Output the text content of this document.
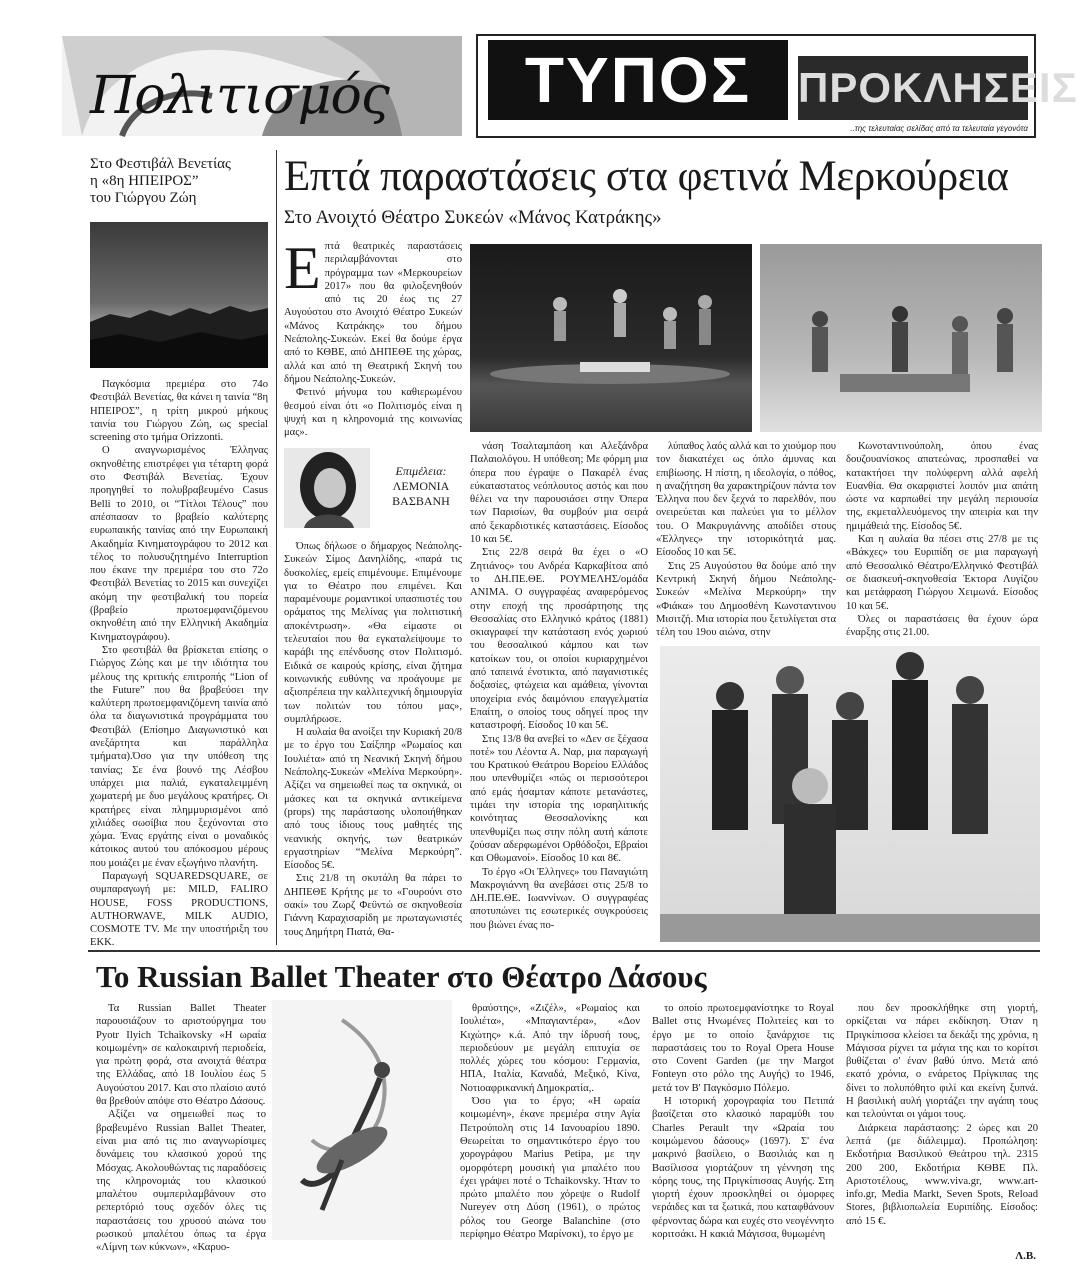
Πολιτισμός	ΤΥΠΟΣ	ΠΡΟΚΛΗΣΕΙΣ
..της τελευταίας σελίδας από τα τελευταία γεγονότα
Στο Φεστιβάλ Βενετίας
η «8η ΗΠΕΙΡΟΣ”
του Γιώργου Ζώη

Παγκόσμια πρεμιέρα στο 74ο Φεστιβάλ Βενετίας, θα κάνει η ταινία “8η ΗΠΕΙΡΟΣ”, η τρίτη μικρού μήκους ταινία του Γιώργου Ζώη, ως special screening στο τμήμα Orizzonti.

Ο αναγνωρισμένος Έλληνας σκηνοθέτης επιστρέφει για τέταρτη φορά στο Φεστιβάλ Βενετίας. Έχουν προηγηθεί το πολυβραβευμένο Casus Belli το 2010, οι “Τίτλοι Τέλους” που απέσπασαν το βραβείο καλύτερης ευρωπαικής ταινίας από την Ευρωπαική Ακαδημία Κινηματογράφου το 2012 και τέλος το πολυσυζητημένο Interruption που έκανε την πρεμιέρα του στο 72ο Φεστιβάλ Βενετίας το 2015 και συνεχίζει ακόμη την φεστιβαλική του πορεία (βραβείο πρωτοεμφανιζόμενου σκηνοθέτη από την Ελληνική Ακαδημία Κινηματογράφου).

Στο φεστιβάλ θα βρίσκεται επίσης ο Γιώργος Ζώης και με την ιδιότητα του μέλους της κριτικής επιτροπής “Lion of the Future” που θα βραβεύσει την καλύτερη πρωτοεμφανιζόμενη ταινία από όλα τα διαγωνιστικά προγράμματα του Φεστιβάλ (Επίσημο Διαγωνιστικό και ανεξάρτητα και παράλληλα τμήματα).Όσο για την υπόθεση της ταινίας; Σε ένα βουνό της Λέσβου υπάρχει μια παλιά, εγκαταλειμμένη χωματερή με δυο μεγάλους κρατήρες. Οι κρατήρες είναι πλημμυρισμένοι από χιλιάδες σωσίβια που ξεχύνονται στο χώμα. Ένας εργάτης είναι ο μοναδικός κάτοικος αυτού του απόκοσμου μέρους που μοιάζει με έναν εξωγήινο πλανήτη.

Παραγωγή SQUAREDSQUARE, σε συμπαραγωγή με: MILD, FALIRO HOUSE, FOSS PRODUCTIONS, AUTHORWAVE, MILK AUDIO, COSMOTE TV. Με την υποστήριξη του ΕΚΚ.

Επτά παραστάσεις στα φετινά Μερκούρεια
Στο Ανοιχτό Θέατρο Συκεών «Μάνος Κατράκης»
Ε πτά θεατρικές παραστάσεις περιλαμβάνονται στο πρόγραμμα των «Μερκουρείων 2017» που θα φιλοξενηθούν από τις 20 έως τις 27 Αυγούστου στο Ανοιχτό Θέατρο Συκεών «Μάνος Κατράκης» του δήμου Νεάπολης-Συκεών. Εκεί θα δούμε έργα από το ΚΘΒΕ, από ΔΗΠΕΘΕ της χώρας, αλλά και από τη Θεατρική Σκηνή του δήμου Νεάπολης-Συκεών.

Φετινό μήνυμα του καθιερωμένου θεσμού είναι ότι «ο Πολιτισμός είναι η ψυχή και η κληρονομιά της κοινωνίας μας».

Επιμέλεια:
ΛΕΜΟΝΙΑ
ΒΑΣΒΑΝΗ

Όπως δήλωσε ο δήμαρχος Νεάπολης-Συκεών Σίμος Δανηλίδης, «παρά τις δυσκολίες, εμείς επιμένουμε. Επιμένουμε για το Θέατρο που επιμένει. Και παραμένουμε ρομαντικοί υπασπιστές του οράματος της Μελίνας για πολιτιστική αποκέντρωση». «Θα είμαστε οι τελευταίοι που θα εγκαταλείψουμε το καράβι της επένδυσης στον Πολιτισμό. Ειδικά σε καιρούς κρίσης, είναι ζήτημα κοινωνικής ευθύνης να προάγουμε με αξιοπρέπεια την καλλιτεχνική δημιουργία των πολιτών του τόπου μας», συμπλήρωσε.

Η αυλαία θα ανοίξει την Κυριακή 20/8 με το έργο του Σαίξπηρ «Ρωμαίος και Ιουλιέτα» από τη Νεανική Σκηνή δήμου Νεάπολης-Συκεών «Μελίνα Μερκούρη». Αξίζει να σημειωθεί πως τα σκηνικά, οι μάσκες και τα σκηνικά αντικείμενα (props) της παράστασης υλοποιήθηκαν από τους ίδιους τους μαθητές της νεανικής σκηνής, των θεατρικών εργαστηρίων “Μελίνα Μερκούρη”. Είσοδος 5€.

Στις 21/8 τη σκυτάλη θα πάρει το ΔΗΠΕΘΕ Κρήτης με το «Γουρούνι στο σακί» του Ζωρζ Φεϋντώ σε σκηνοθεσία Γιάννη Καραχισαρίδη με πρωταγωνιστές τους Δημήτρη Πιατά, Θα-

νάση Τσαλταμπάση και Αλεξάνδρα Παλαιολόγου. Η υπόθεση; Με φόρμη μια όπερα που έγραψε ο Πακαρέλ ένας εύκαταστατος νεόπλουτος αστός και που θέλει να την παρουσιάσει στην Όπερα των Παρισίων, θα συμβούν μια σειρά από ξεκαρδιστικές καταστάσεις. Είσοδος 10 και 5€.

Στις 22/8 σειρά θα έχει ο «Ο Ζητιάνος» του Ανδρέα Καρκαβίτσα από το ΔΗ.ΠΕ.ΘΕ. ΡΟΥΜΕΛΗΣ/ομάδα ΑΝΙΜΑ. Ο συγγραφέας αναφερόμενος στην εποχή της προσάρτησης της Θεσσαλίας στο Ελληνικό κράτος (1881) σκιαγραφεί την κατάσταση ενός χωριού του θεσσαλικού κάμπου και των κατοίκων του, οι οποίοι κυριαρχημένοι από ταπεινά ένστικτα, από παγανιστικές δοξασίες, φτώχεια και αμάθεια, γίνονται υποχείρια ενός δαιμόνιου επαγγελματία Επαίτη, ο οποίος τους οδηγεί προς την καταστροφή. Είσοδος 10 και 5€.

Στις 13/8 θα ανεβεί το «Δεν σε ξέχασα ποτέ» του Λέοντα Α. Ναρ, μια παραγωγή του Κρατικού Θεάτρου Βορείου Ελλάδος που υπενθυμίζει «πώς οι περισσότεροι από εμάς ήσαμταν κάποτε μετανάστες, τιμάει την ιστορία της ισραηλιτικής κοινότητας Θεσσαλονίκης και υπενθυμίζει πως στην πόλη αυτή κάποτε ζούσαν αδερφωμένοι Ορθόδοξοι, Εβραίοι και Οθωμανοί». Είσοδος 10 και 8€.

Το έργο «Οι Έλληνες» του Παναγιώτη Μακρογιάννη θα ανεβάσει στις 25/8 το ΔΗ.ΠΕ.ΘΕ. Ιωαννίνων. Ο συγγραφέας αποτυπώνει τις εσωτερικές συγκρούσεις που βιώνει ένας πο-

λύπαθος λαός αλλά και το χιούμορ που τον διακατέχει ως όπλο άμυνας και επιβίωσης. Η πίστη, η ιδεολογία, ο πόθος, η αναζήτηση θα χαρακτηρίζουν πάντα τον Έλληνα που δεν ξεχνά το παρελθόν, που ονειρεύεται και παλεύει για το μέλλον του. Ο Μακρυγιάννης αποδίδει στους «Έλληνες» την ιστορικότητά μας. Είσοδος 10 και 5€.

Στις 25 Αυγούστου θα δούμε από την Κεντρική Σκηνή δήμου Νεάπολης-Συκεών «Μελίνα Μερκούρη» την «Φιάκα» του Δημοσθένη Κωνσταντινου Μισιτζή. Μια ιστορία που ξετυλίγεται στα τέλη του 19ου αιώνα, στην

Κωνσταντινούπολη, όπου ένας δουζουανίσκος απατεώνας, προσπαθεί να κατακτήσει την πολύφερνη αλλά αφελή Ευανθία. Θα σκαρφιστεί λοιπόν μια απάτη ώστε να καρπωθεί την μεγάλη περιουσία της, εκμεταλλευόμενος την απειρία και την ημιμάθειά της. Είσοδος 5€.

Και η αυλαία θα πέσει στις 27/8 με τις «Βάκχες» του Ευριπίδη σε μια παραγωγή από Θεσσαλικό Θέατρο/Ελληνικό Φεστιβάλ σε διασκευή-σκηνοθεσία Έκτορα Λυγίζου και μετάφραση Γιώργου Χειμωνά. Είσοδος 10 και 5€.

Όλες οι παραστάσεις θα έχουν ώρα έναρξης στις 21.00.

Το Russian Ballet Theater στο Θέατρο Δάσους

Τα Russian Ballet Theater παρουσιάζουν το αριστούργημα του Pyotr Ilyich Tchaikovsky «Η ωραία κοιμωμένη» σε καλοκαιρινή περιοδεία, για πρώτη φορά, στα ανοιχτά θέατρα της Ελλάδας, από 18 Ιουλίου έως 5 Αυγούστου 2017. Και στο πλαίσιο αυτό θα βρεθούν απόψε στο Θέατρο Δάσους.

Αξίζει να σημειωθεί πως το βραβευμένο Russian Ballet Theater, είναι μια από τις πιο αναγνωρίσιμες δυνάμεις του κλασικού χορού της Μόσχας. Ακολουθώντας τις παραδόσεις της κληρονομιάς του κλασικού μπαλέτου συμπεριλαμβάνουν στο ρεπερτόριό τους σχεδόν όλες τις παραστάσεις του χρυσού αιώνα του ρωσικού μπαλέτου όπως τα έργα «Λίμνη των κύκνων», «Καρυο-

θραύστης», «Ζιζέλ», «Ρωμαίος και Ιουλιέτα», «Μπαγιαντέρα», «Δον Κιχώτης» κ.ά. Από την ίδρυσή τους, περιοδεύουν με μεγάλη επιτυχία σε πολλές χώρες του κόσμου: Γερμανία, ΗΠΑ, Ιταλία, Καναδά, Μεξικό, Κίνα, Νοτιοαφρικανική Δημοκρατία,.

Όσο για το έργο; «Η ωραία κοιμωμένη», έκανε πρεμιέρα στην Αγία Πετρούπολη στις 14 Ιανουαρίου 1890. Θεωρείται το σημαντικότερο έργο του χορογράφου Marius Petipa, με την ομορφότερη μουσική για μπαλέτο που έχει γράψει ποτέ ο Tchaikovsky. Ήταν το πρώτο μπαλέτο που χόρεψε ο Rudolf Nureyev στη Δύση (1961), ο πρώτος ρόλος του George Balanchine (στο περίφημο Θέατρο Μαρίνσκι), το έργο με

το οποίο πρωτοεμφανίστηκε το Royal Ballet στις Ηνωμένες Πολιτείες και το έργο με το οποίο ξανάρχισε τις παραστάσεις του το Royal Opera House στο Covent Garden (με την Margot Fonteyn στο ρόλο της Αυγής) το 1946, μετά τον Β' Παγκόσμιο Πόλεμο.

Η ιστορική χορογραφία του Πετιπά βασίζεται στο κλασικό παραμύθι του Charles Perault την «Ωραία του κοιμώμενου δάσους» (1697). Σ' ένα μακρινό βασίλειο, ο Βασιλιάς και η Βασίλισσα γιορτάζουν τη γέννηση της κόρης τους, της Πριγκίπισσας Αυγής. Στη γιορτή έχουν προσκληθεί οι όμορφες νεράιδες και τα ξωτικά, που καταφθάνουν φέρνοντας δώρα και ευχές στο νεογέννητο κοριτσάκι. Η κακιά Μάγισσα, θυμωμένη

που δεν προσκλήθηκε στη γιορτή, ορκίζεται να πάρει εκδίκηση. Όταν η Πριγκίπισσα κλείσει τα δεκάξι της χρόνια, η Μάγισσα ρίχνει τα μάγια της και το κορίτσι βυθίζεται σ' έναν βαθύ ύπνο. Μετά από εκατό χρόνια, ο ενάρετος Πρίγκιπας της δίνει το πολυπόθητο φιλί και εκείνη ξυπνά. Η βασιλική αυλή γιορτάζει την αγάπη τους και τελούνται οι γάμοι τους.

Διάρκεια παράστασης: 2 ώρες και 20 λεπτά (με διάλειμμα). Προπώληση: Εκδοτήρια Βασιλικού Θεάτρου τηλ. 2315 200 200, Εκδοτήρια ΚΘΒΕ Πλ. Αριστοτέλους, www.viva.gr, www.art-info.gr, Media Markt, Seven Spots, Reload Stores, βιβλιοπωλεία Ευριπίδης. Είσοδος: από 15 €.

Λ.Β.
